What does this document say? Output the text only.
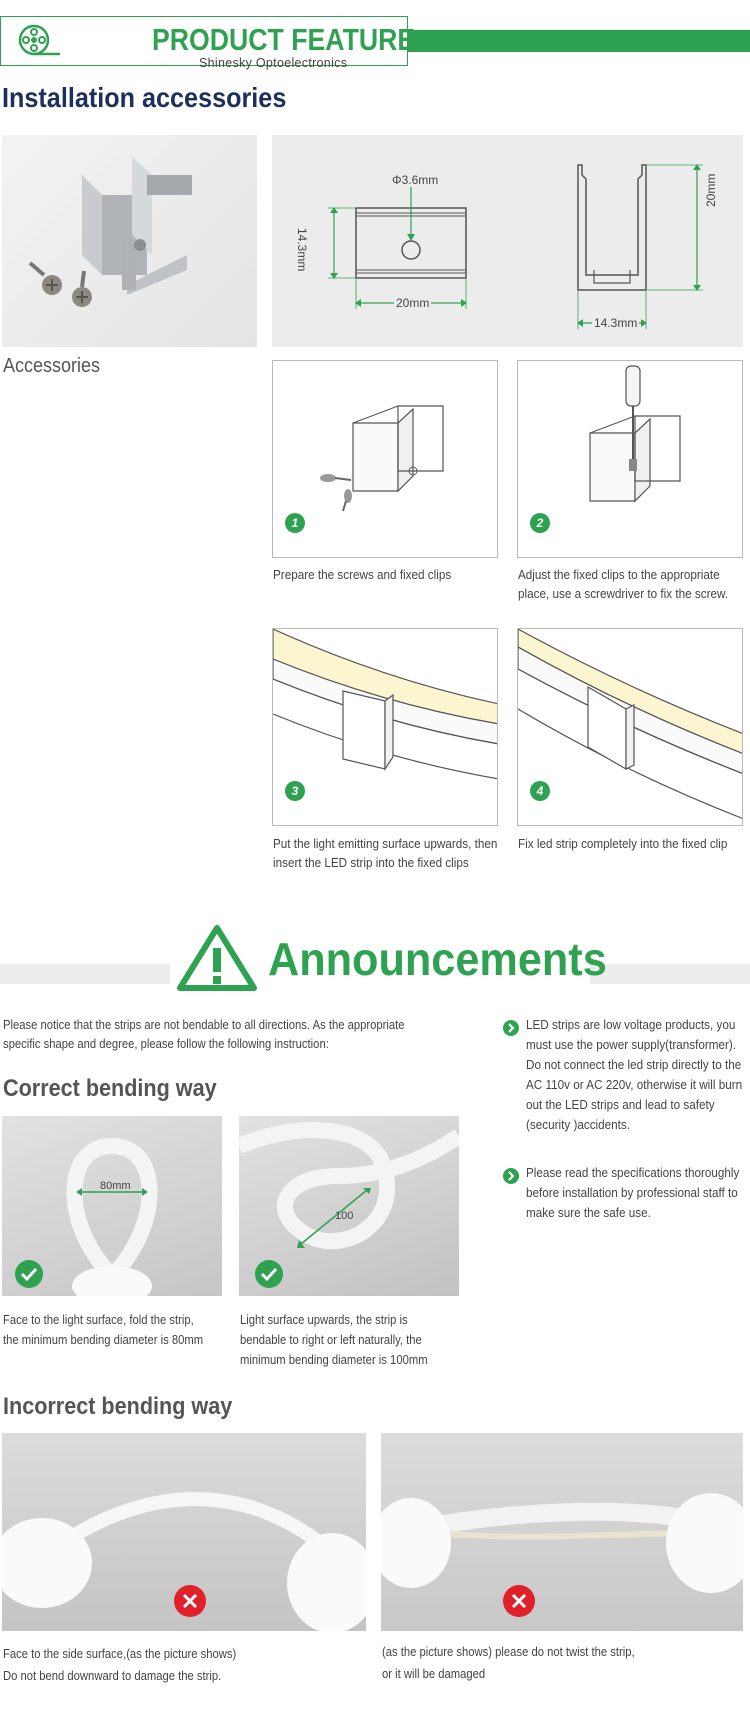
PRODUCT FEATURE
Shinesky Optoelectronics
Installation accessories
Accessories
Φ3.6mm
14.3mm
20mm
20mm
14.3mm
1
Prepare the screws and fixed clips
2
Adjust the fixed clips to the appropriate
place, use a screwdriver to fix the screw.
3
Put the light emitting surface upwards, then
insert the LED strip into the fixed clips
4
Fix led strip completely into the fixed clip
Announcements
Please notice that the strips are not bendable to all directions. As the appropriate
specific shape and degree, please follow the following instruction:
LED strips are low voltage products, you
must use the power supply(transformer).
Do not connect the led strip directly to the
AC 110v or AC 220v, otherwise it will burn
out the LED strips and lead to safety
(security )accidents.
Please read the specifications thoroughly
before installation by professional staff to
make sure the safe use.
Correct bending way
80mm
Face to the light surface, fold the strip,
the minimum bending diameter is 80mm
100
Light surface upwards, the strip is
bendable to right or left naturally, the
minimum bending diameter is 100mm
Incorrect bending way
Face to the side surface,(as the picture shows)
Do not bend downward to damage the strip.
(as the picture shows) please do not twist the strip,
or it will be damaged
